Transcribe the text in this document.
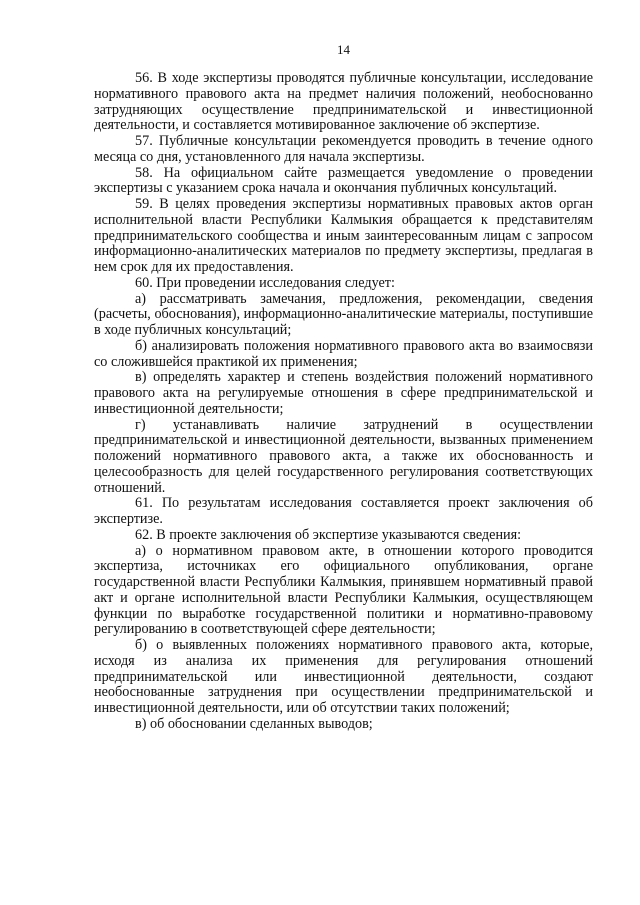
14

56. В ходе экспертизы проводятся публичные консультации, исследование нормативного правового акта на предмет наличия положений, необоснованно затрудняющих осуществление предпринимательской и инвестиционной деятельности, и составляется мотивированное заключение об экспертизе.

57. Публичные консультации рекомендуется проводить в течение одного месяца со дня, установленного для начала экспертизы.

58. На официальном сайте размещается уведомление о проведении экспертизы с указанием срока начала и окончания публичных консультаций.

59. В целях проведения экспертизы нормативных правовых актов орган исполнительной власти Республики Калмыкия обращается к представителям предпринимательского сообщества и иным заинтересованным лицам с запросом информационно-аналитических материалов по предмету экспертизы, предлагая в нем срок для их предоставления.

60. При проведении исследования следует:

а) рассматривать замечания, предложения, рекомендации, сведения (расчеты, обоснования), информационно-аналитические материалы, поступившие в ходе публичных консультаций;

б) анализировать положения нормативного правового акта во взаимосвязи со сложившейся практикой их применения;

в) определять характер и степень воздействия положений нормативного правового акта на регулируемые отношения в сфере предпринимательской и инвестиционной деятельности;

г) устанавливать наличие затруднений в осуществлении предпринимательской и инвестиционной деятельности, вызванных применением положений нормативного правового акта, а также их обоснованность и целесообразность для целей государственного регулирования соответствующих отношений.

61. По результатам исследования составляется проект заключения об экспертизе.

62. В проекте заключения об экспертизе указываются сведения:

а) о нормативном правовом акте, в отношении которого проводится экспертиза, источниках его официального опубликования, органе государственной власти Республики Калмыкия, принявшем нормативный правой акт и органе исполнительной власти Республики Калмыкия, осуществляющем функции по выработке государственной политики и нормативно-правовому регулированию в соответствующей сфере деятельности;

б) о выявленных положениях нормативного правового акта, которые, исходя из анализа их применения для регулирования отношений предпринимательской или инвестиционной деятельности, создают необоснованные затруднения при осуществлении предпринимательской и инвестиционной деятельности, или об отсутствии таких положений;

в) об обосновании сделанных выводов;
